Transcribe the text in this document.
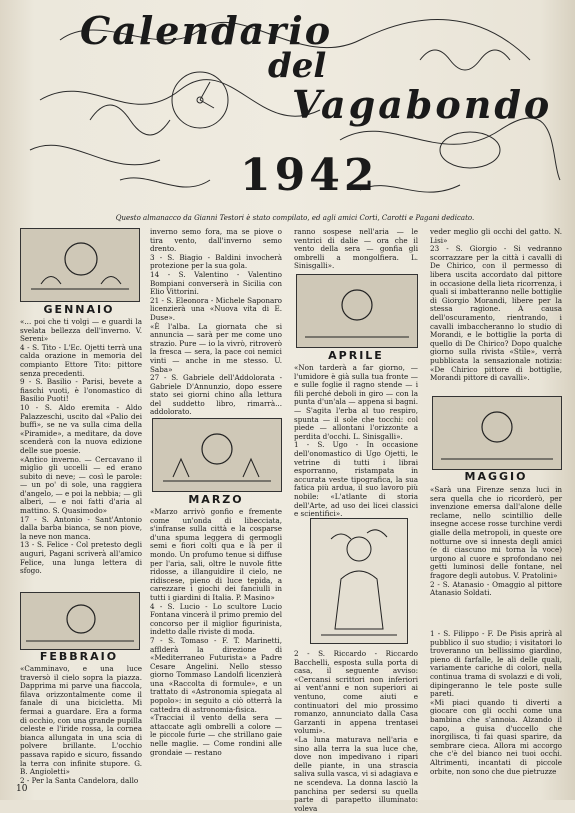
Calendario
del
Vagabondo
1942
Questo almanacco da Gianni Testori è stato compilato, ed agli amici Corti, Carotti e Pagani dedicato.
GENNAIO
«... poi che ti volgi — e guardi la svelata bellezza dell'inverno. V. Sereni»
4 - S. Tito - L'Ec. Ojetti terrà una calda orazione in memoria del compianto Ettore Tito: pittore senza precedenti.
9 - S. Basilio - Parisi, bevete a fiaschi vuoti, è l'onomastico di Basilio Puoti!
10 - S. Aldo eremita - Aldo Palazzeschi, uscito dal «Palio dei buffi», se ne va sulla cima della «Piramide», a meditare, da dove scenderà con la nuova edizione delle sue poesie.
«Antico inverno. — Cercavano il miglio gli uccelli — ed erano subito di neve; — così le parole: — un po' di sole, una raggiera d'angelo, — e poi la nebbia; — gli alberi, — e noi fatti d'aria al mattino. S. Quasimodo»
17 - S. Antonio - Sant'Antonio dalla barba bianca, se non piove, la neve non manca.
13 - S. Felice - Col pretesto degli auguri, Pagani scriverà all'amico Felice, una lunga lettera di sfogo.
FEBBRAIO
«Camminavo, e una luce traversò il cielo sopra la piazza. Dapprima mi parve una fiaccola, filava orizzontalmente come il fanale di una bicicletta. Mi fermai a guardare. Era a forma di occhio, con una grande pupilla celeste e l'iride rossa, la cornea bianca allungata in una scia di polvere brillante. L'occhio passava rapido e sicuro, fissando la terra con infinite stupore. G. B. Angioletti»
2 - Per la Santa Candelora, dallo
inverno semo fora, ma se piove o tira vento, dall'inverno semo drento.
3 - S. Biagio - Baldini invocherà protezione per la sua gola.
14 - S. Valentino - Valentino Bompiani converserà in Sicilia con Elio Vittorini.
21 - S. Eleonora - Michele Saponaro licenzierà una «Nuova vita di E. Duse».
«È l'alba. La giornata che si annuncia — sarà per me come uno strazio. Pure — io la vivrò, ritroverò la fresca — sera, la pace coi nemici vinti — anche in me stesso. U. Saba»
27 - S. Gabriele dell'Addolorata - Gabriele D'Annunzio, dopo essere stato sei giorni chino alla lettura del suddetto libro, rimarrà... addolorato.
MARZO
«Marzo arrivò gonfio e fremente come un'onda di libecciata, s'infranse sulla città e la cosparse d'una spuma leggera di germogli semi e fiori colti qua e là per il mondo. Un profumo tenue si diffuse per l'aria, sali, oltre le nuvole fitte ridosse, a illanguidire il cielo, ne ridiscese, pieno di luce tepida, a carezzare i giochi dei fanciulli in tutti i giardini di Italia. P. Masino»
4 - S. Lucio - Lo scultore Lucio Fontana vincerà il primo premio del concorso per il miglior figurinista, indetto dalle riviste di moda.
7 - S. Tomaso - F. T. Marinetti, afflderà la direzione di «Mediterraneo Futurista» a Padre Cesare Angelini. Nello stesso giorno Tommaso Landolfi licenzierà una «Raccolta di formule», e un trattato di «Astronomia spiegata al popolo»: in seguito a ciò otterrà la cattedra di astronomia-fisica.
«Tracciai il vento della sera — attaccate agli ombrelli a colore — le piccole furie — che strillano gaie nelle maglie. — Come rondini alle grondaie — restano
ranno sospese nell'aria — le ventrici di dalie — ora che il vento della sera — gonfia gli ombrelli a mongolfiera. L. Sinisgalli».
APRILE
«Non tarderà a far giorno, — l'umidore è già sulla tua fronte — e sulle foglie il ragno stende — i fili perché deboli in giro — con la punta d'un'ala — appena si bagni. — S'agita l'erba al tuo respiro, spunta — il sole che tocchi: col piede — allontani l'orizzonte a perdita d'occhi. L. Sinisgalli».
1 - S. Ugo - In occasione dell'onomastico di Ugo Ojetti, le vetrine di tutti i librai esporranno, ristampata in accurata veste tipografica, la sua fatica più ardua, il suo lavoro più nobile: «L'atlante di storia dell'Arte, ad uso dei licei classici e scientifici».
2 - S. Riccardo - Riccardo Bacchelli, esposta sulla porta di casa, il seguente avviso: «Cercansi scrittori non inferiori ai vent'anni e non superiori ai ventuno, come aiuti e continuatori del mio prossimo romanzo, annunciato dalla Casa Garzanti in appena trentasei volumi».
«La luna maturava nell'aria e sino alla terra la sua luce che, dove non impedivano i ripari delle piante, in una strascia saliva sulla vasca, vi si adagiava e ne scendeva. La donna lasciò la panchina per sedersi su quella parte di parapetto illuminato: voleva
veder meglio gli occhi del gatto. N. Lisi»
23 - S. Giorgio - Si vedranno scorrazzare per la città i cavalli di De Chirico, con il permesso di libera uscita accordato dal pittore in occasione della lieta ricorrenza, i quali si imbatteranno nelle bottiglie di Giorgio Morandi, libere per la stessa ragione. A causa dell'oscuramento, rientrando, i cavalli imbaccheranno lo studio di Morandi, e le bottiglie la porta di quello di De Chirico? Dopo qualche giorno sulla rivista «Stile», verrà pubblicata la sensazionale notizia: «De Chirico pittore di bottiglie, Morandi pittore di cavalli».
MAGGIO
«Sarà una Firenze senza luci in sera quella che io ricorderò, per invenzione emersa dall'alone delle reclame, nello scintillio delle insegne accese rosse turchine verdi gialle della metropoli, in queste ore notturne ove si innesta degli amici (e di ciascuno mi torna la voce) urgono al cuore e sprofondano nei getti luminosi delle fontane, nel fragore degli autobus. V. Pratolini»
2 - S. Atanasio - Omaggio al pittore Atanasio Soldati.
1 - S. Filippo - F. De Pisis aprirà al pubblico il suo studio; i visitatori lo troveranno un bellissimo giardino, pieno di farfalle, le ali delle quali, variamente cariche di colori, nella continua trama di svolazzi e di voli, dipingeranno le tele poste sulle pareti.
«Mi piaci quando ti diverti a giocare con gli occhi come una bambina che s'annoia. Alzando il capo, a guisa d'uccello che inorgilisca, ti fai quasi sparire, da sembrare cieca. Allora mi accorgo che c'è del bianco nei tuoi occhi. Altrimenti, incantati di piccole orbite, non sono che due pietruzze
10
